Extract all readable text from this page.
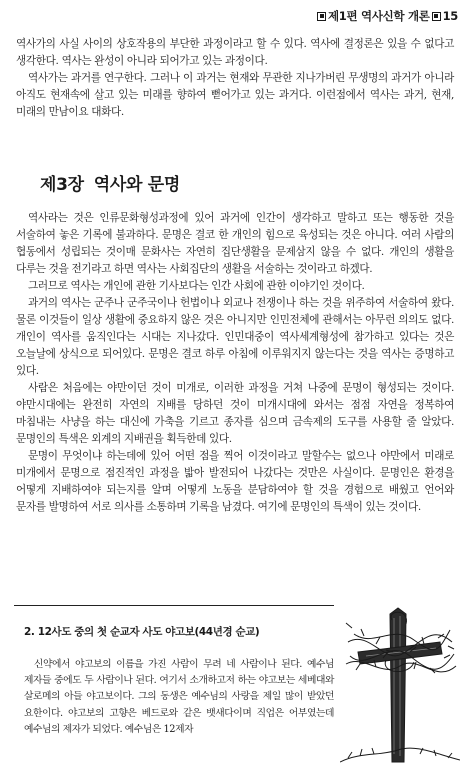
제1편 역사신학 개론 15

역사가의 사실 사이의 상호작용의 부단한 과정이라고 할 수 있다. 역사에 결정론은 있을 수 없다고 생각한다. 역사는 완성이 아니라 되어가고 있는 과정이다.

역사가는 과거를 연구한다. 그러나 이 과거는 현재와 무관한 지나가버린 무생명의 과거가 아니라 아직도 현재속에 살고 있는 미래를 향하여 뻗어가고 있는 과거다. 이런점에서 역사는 과거, 현재, 미래의 만남이요 대화다.

제3장 역사와 문명

역사라는 것은 인류문화형성과정에 있어 과거에 인간이 생각하고 말하고 또는 행동한 것을 서술하여 놓은 기록에 불과하다. 문명은 결코 한 개인의 힘으로 육성되는 것은 아니다. 여러 사람의 협동에서 성립되는 것이매 문화사는 자연히 집단생활을 문제삼지 않을 수 없다. 개인의 생활을 다루는 것을 전기라고 하면 역사는 사회집단의 생활을 서술하는 것이라고 하겠다.

그러므로 역사는 개인에 관한 기사보다는 인간 사회에 관한 이야기인 것이다.

과거의 역사는 군주나 군주국이나 헌법이나 외교나 전쟁이나 하는 것을 위주하여 서술하여 왔다. 물론 이것들이 일상 생활에 중요하지 않은 것은 아니지만 인민전체에 관해서는 아무런 의의도 없다. 개인이 역사를 움직인다는 시대는 지나갔다. 인민대중이 역사세계형성에 참가하고 있다는 것은 오늘날에 상식으로 되어있다. 문명은 결코 하루 아침에 이루워지지 않는다는 것을 역사는 증명하고 있다.

사람은 처음에는 야만이던 것이 미개로, 이러한 과정을 거쳐 나중에 문명이 형성되는 것이다. 야만시대에는 완전히 자연의 지배를 당하던 것이 미개시대에 와서는 점점 자연을 정복하여 마침내는 사냥을 하는 대신에 가축을 기르고 종자를 심으며 금속제의 도구를 사용할 줄 알았다. 문명인의 특색은 외계의 지배권을 획득한데 있다.

문명이 무엇이냐 하는데에 있어 어떤 점을 찍어 이것이라고 말할수는 없으나 야만에서 미래로 미개에서 문명으로 점진적인 과정을 밟아 발전되어 나갔다는 것만은 사실이다. 문명인은 환경을 어떻게 지배하여야 되는지를 알며 어떻게 노동을 분담하여야 할 것을 경험으로 배웠고 언어와 문자를 발명하여 서로 의사를 소통하며 기록을 남겼다. 여기에 문명인의 특색이 있는 것이다.

2. 12사도 중의 첫 순교자 사도 야고보(44년경 순교)

신약에서 야고보의 이름을 가진 사람이 무려 네 사람이나 된다. 예수님 제자들 중에도 두 사람이나 된다. 여기서 소개하고저 하는 야고보는 세베대와 살로메의 아들 야고보이다. 그의 동생은 예수님의 사랑을 제일 많이 받았던 요한이다. 야고보의 고향은 베드로와 같은 뱃새다이며 직업은 어부였는데 예수님의 제자가 되었다. 예수님은 12제자
